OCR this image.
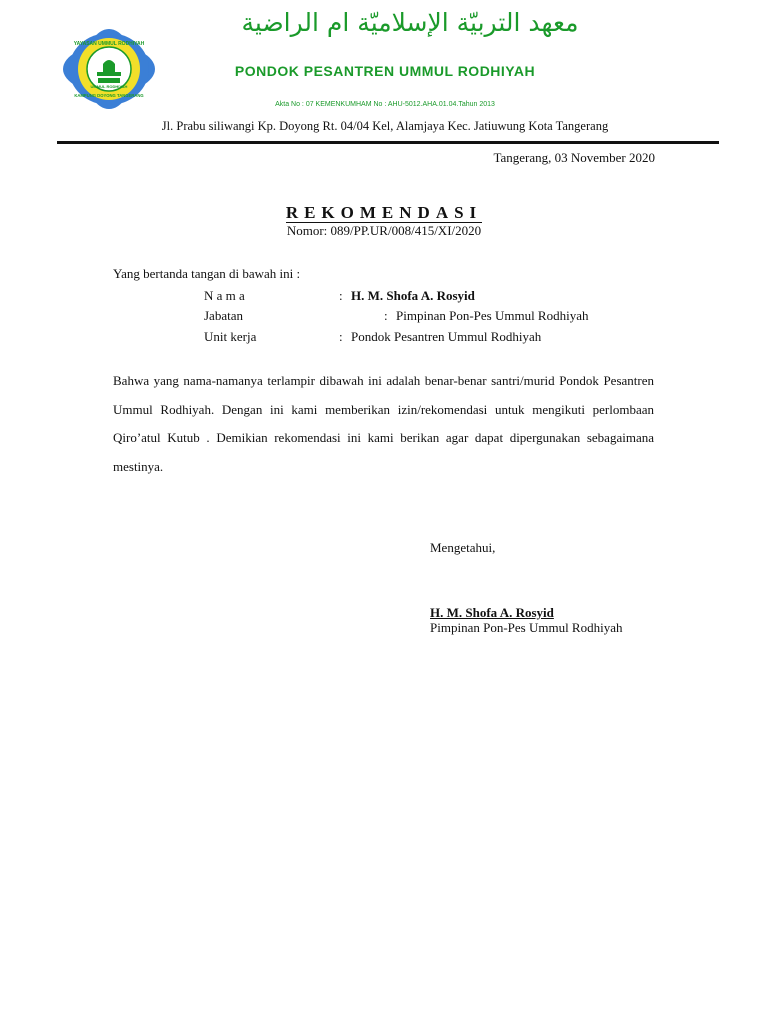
YAYASAN UMMUL RODHIYAH
UMMUL RODHIYAH
KAMPUNG DOYONG TANGERANG
معهد التربيّة الإسلاميّة ام الراضية
PONDOK PESANTREN UMMUL RODHIYAH
Akta No : 07 KEMENKUMHAM No : AHU-5012.AHA.01.04.Tahun 2013
Jl. Prabu siliwangi Kp. Doyong Rt. 04/04 Kel, Alamjaya Kec. Jatiuwung Kota Tangerang
Tangerang, 03 November 2020
REKOMENDASI
Nomor: 089/PP.UR/008/415/XI/2020
Yang bertanda tangan di bawah ini :
N a m a	: H. M. Shofa A. Rosyid
Jabatan	: Pimpinan Pon-Pes Ummul Rodhiyah
Unit kerja	: Pondok Pesantren Ummul Rodhiyah
Bahwa yang nama-namanya terlampir dibawah ini adalah benar-benar santri/murid Pondok Pesantren Ummul Rodhiyah. Dengan ini kami memberikan izin/rekomendasi untuk mengikuti perlombaan Qiro’atul Kutub . Demikian rekomendasi ini kami berikan agar dapat dipergunakan sebagaimana mestinya.
Mengetahui,
H. M. Shofa A. Rosyid
Pimpinan Pon-Pes Ummul Rodhiyah
